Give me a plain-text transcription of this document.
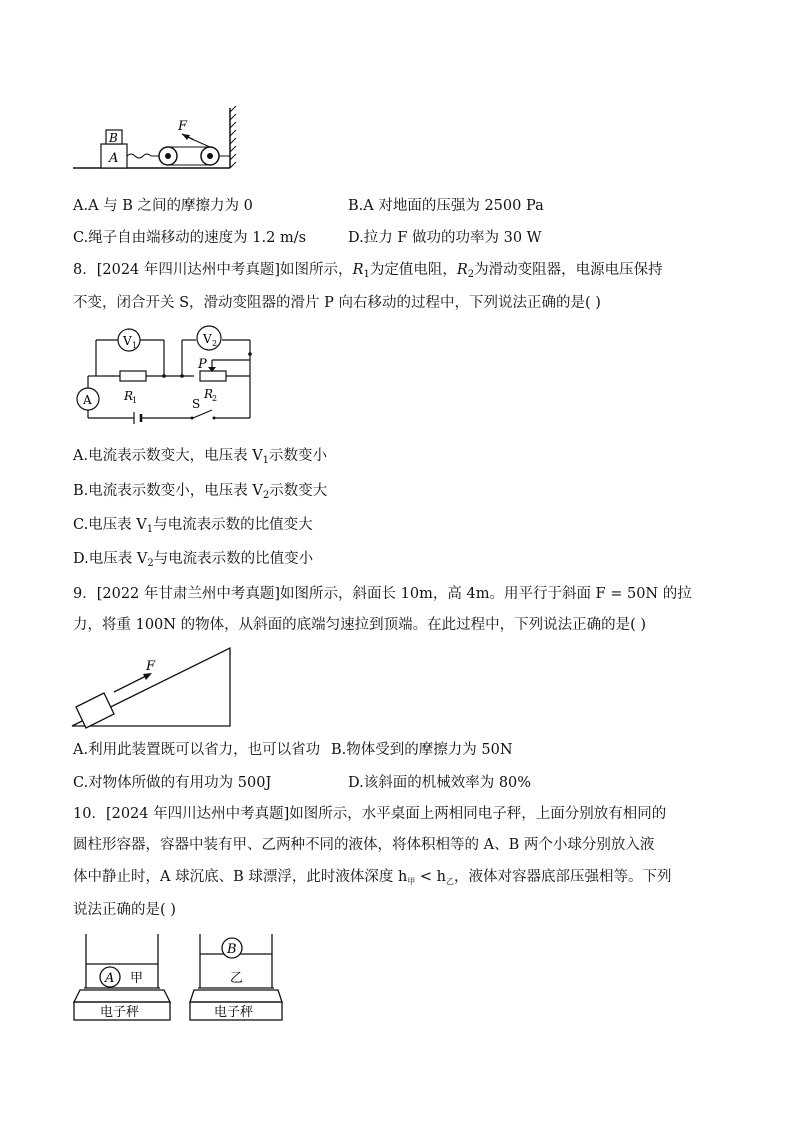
A
B
F
A.A 与 B 之间的摩擦力为 0	B.A 对地面的压强为 2500 Pa
C.绳子自由端移动的速度为 1.2 m/s	D.拉力 F 做功的功率为 30 W
8．[2024 年四川达州中考真题]如图所示，$R_1$为定值电阻，$R_2$为滑动变阻器，电源电压保持
不变，闭合开关 S，滑动变阻器的滑片 P 向右移动的过程中，下列说法正确的是( )
V 1	V 2
A	R
1	R
2
P
S
A.电流表示数变大，电压表 $V_1$示数变小
B.电流表示数变小，电压表 $V_2$示数变大
C.电压表 $V_1$与电流表示数的比值变大
D.电压表 $V_2$与电流表示数的比值变小
9．[2022 年甘肃兰州中考真题]如图所示，斜面长 10m，高 4m。用平行于斜面 F = 50N 的拉
力，将重 100N 的物体，从斜面的底端匀速拉到顶端。在此过程中，下列说法正确的是( )
F
A.利用此装置既可以省力，也可以省功 B.物体受到的摩擦力为 50N
C.对物体所做的有用功为 500J	D.该斜面的机械效率为 80%
10．[2024 年四川达州中考真题]如图所示，水平桌面上两相同电子秤，上面分别放有相同的
圆柱形容器，容器中装有甲、乙两种不同的液体，将体积相等的 A、B 两个小球分别放入液
体中静止时，A 球沉底、B 球漂浮，此时液体深度 $h_甲 < h_乙$，液体对容器底部压强相等。下列
说法正确的是( )
A 甲
电子秤
B
乙
电子秤
